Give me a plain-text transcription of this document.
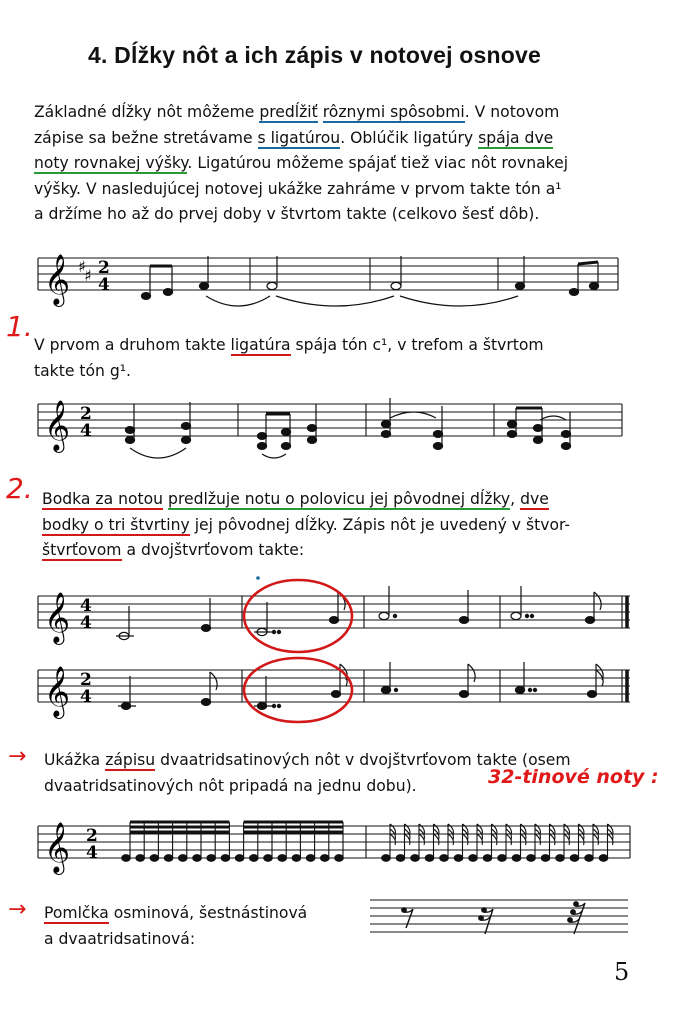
4. Dĺžky nôt a ich zápis v notovej osnove
Základné dĺžky nôt môžeme predĺžiť rôznymi spôsobmi. V notovom
zápise sa bežne stretávame s ligatúrou. Oblúčik ligatúry spája dve
noty rovnakej výšky. Ligatúrou môžeme spájať tiež viac nôt rovnakej
výšky. V nasledujúcej notovej ukážke zahráme v prvom takte tón a¹
a držíme ho až do prvej doby v štvrtom takte (celkovo šesť dôb).
V prvom a druhom takte ligatúra spája tón c¹, v trefom a štvrtom
takte tón g¹.
Bodka za notou predlžuje notu o polovicu jej pôvodnej dĺžky, dve
bodky o tri štvrtiny jej pôvodnej dĺžky. Zápis nôt je uvedený v štvor-
štvrťovom a dvojštvrťovom takte:
Ukážka zápisu dvaatridsatinových nôt v dvojštvrťovom takte (osem
dvaatridsatinových nôt pripadá na jednu dobu).
Pomlčka osminová, šestnástinová
a dvaatridsatinová:
1.
2.
32-tinové noty :
→
→
𝄞 ♯
♯ 2
4
𝄞 2
4
𝄞 4
4
𝄞 2
4
𝄞 2
4
5
